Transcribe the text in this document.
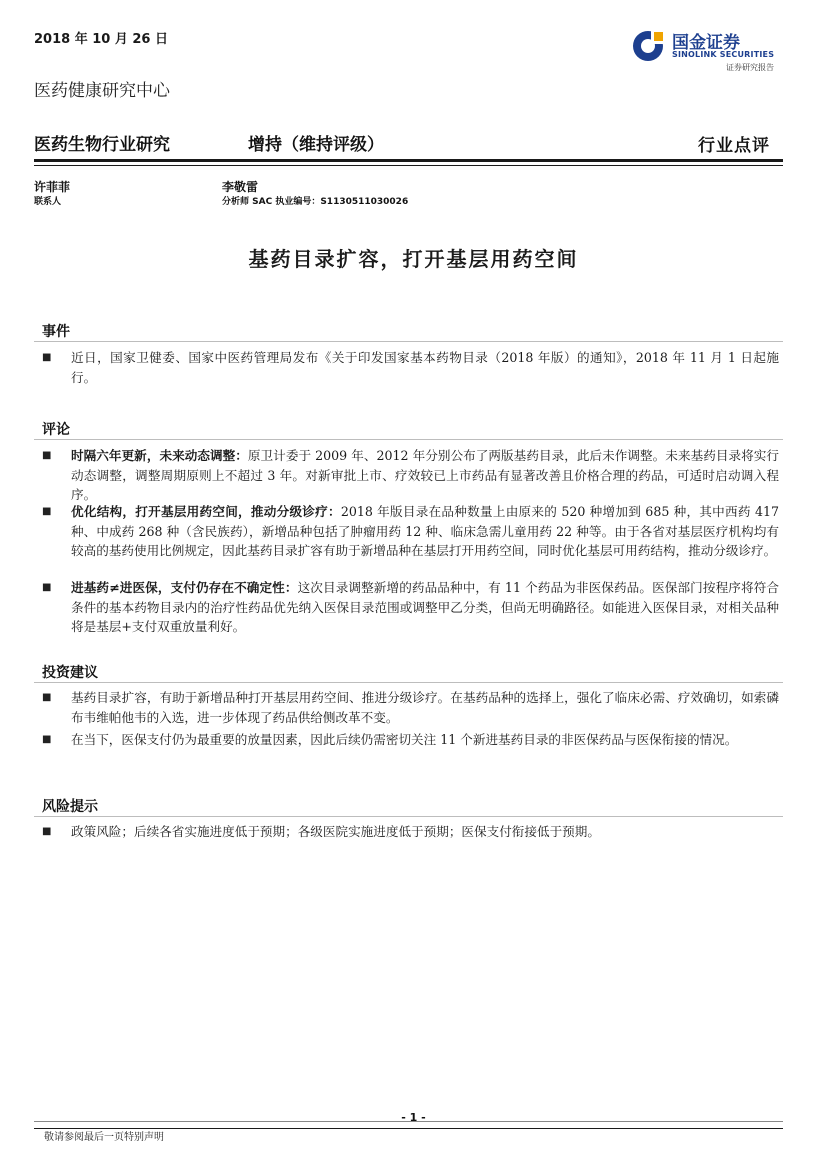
2018 年 10 月 26 日
医药健康研究中心
国金证券
SINOLINK SECURITIES
证券研究报告
医药生物行业研究	增持（维持评级）	行业点评
许菲菲
联系人
李敬雷
分析师 SAC 执业编号：S1130511030026
基药目录扩容，打开基层用药空间
事件
■ 近日，国家卫健委、国家中医药管理局发布《关于印发国家基本药物目录（2018 年版）的通知》，2018 年 11 月 1 日起施行。
评论
■ 时隔六年更新，未来动态调整：原卫计委于 2009 年、2012 年分别公布了两版基药目录，此后未作调整。未来基药目录将实行动态调整，调整周期原则上不超过 3 年。对新审批上市、疗效较已上市药品有显著改善且价格合理的药品，可适时启动调入程序。
■ 优化结构，打开基层用药空间，推动分级诊疗：2018 年版目录在品种数量上由原来的 520 种增加到 685 种，其中西药 417 种、中成药 268 种（含民族药），新增品种包括了肿瘤用药 12 种、临床急需儿童用药 22 种等。由于各省对基层医疗机构均有较高的基药使用比例规定，因此基药目录扩容有助于新增品种在基层打开用药空间，同时优化基层可用药结构，推动分级诊疗。
■ 进基药≠进医保，支付仍存在不确定性：这次目录调整新增的药品品种中，有 11 个药品为非医保药品。医保部门按程序将符合条件的基本药物目录内的治疗性药品优先纳入医保目录范围或调整甲乙分类，但尚无明确路径。如能进入医保目录，对相关品种将是基层+支付双重放量利好。
投资建议
■ 基药目录扩容，有助于新增品种打开基层用药空间、推进分级诊疗。在基药品种的选择上，强化了临床必需、疗效确切，如索磷布韦维帕他韦的入选，进一步体现了药品供给侧改革不变。
■ 在当下，医保支付仍为最重要的放量因素，因此后续仍需密切关注 11 个新进基药目录的非医保药品与医保衔接的情况。
风险提示
■ 政策风险；后续各省实施进度低于预期；各级医院实施进度低于预期；医保支付衔接低于预期。
- 1 -
敬请参阅最后一页特别声明
